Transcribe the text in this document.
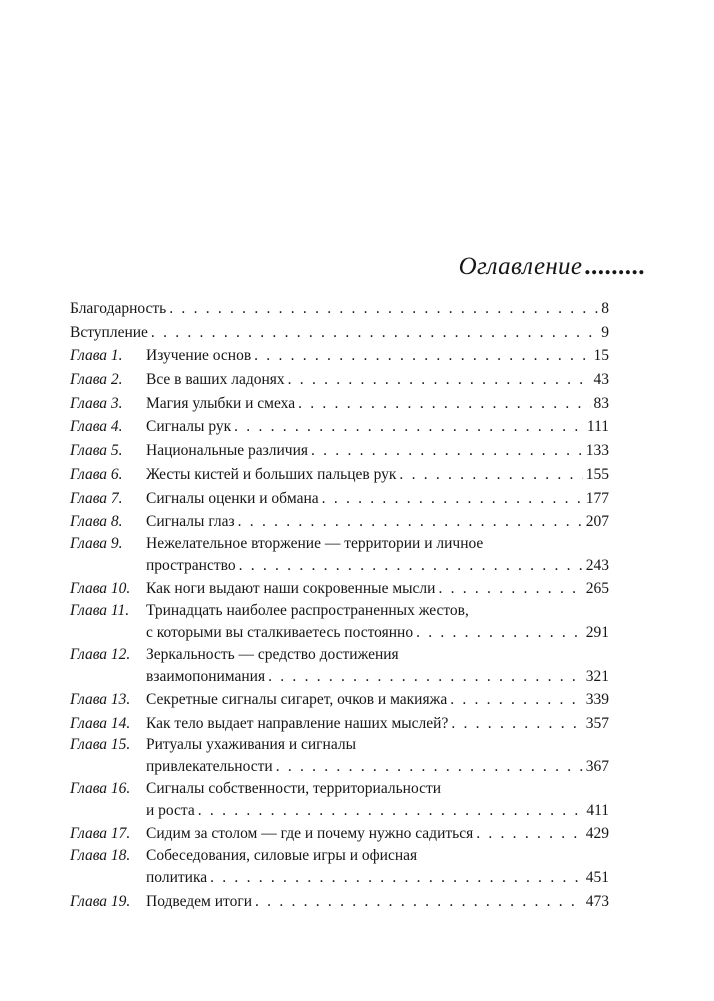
Оглавление.........
Благодарность . . .	8
Вступление . . .	9
Глава 1.	Изучение основ . . .	15
Глава 2.	Все в ваших ладонях . . .	43
Глава 3.	Магия улыбки и смеха . . .	83
Глава 4.	Сигналы рук . . .	111
Глава 5.	Национальные различия . . .	133
Глава 6.	Жесты кистей и больших пальцев рук . . .	155
Глава 7.	Сигналы оценки и обмана . . .	177
Глава 8.	Сигналы глаз . . .	207
Глава 9.	Нежелательное вторжение — территории и личное
пространство . . .	243
Глава 10.	Как ноги выдают наши сокровенные мысли . . .	265
Глава 11.	Тринадцать наиболее распространенных жестов,
с которыми вы сталкиваетесь постоянно . . .	291
Глава 12.	Зеркальность — средство достижения
взаимопонимания . . .	321
Глава 13.	Секретные сигналы сигарет, очков и макияжа . . .	339
Глава 14.	Как тело выдает направление наших мыслей? . . .	357
Глава 15.	Ритуалы ухаживания и сигналы
привлекательности . . .	367
Глава 16.	Сигналы собственности, территориальности
и роста . . .	411
Глава 17.	Сидим за столом — где и почему нужно садиться . . .	429
Глава 18.	Собеседования, силовые игры и офисная
политика . . .	451
Глава 19.	Подведем итоги . . .	473
